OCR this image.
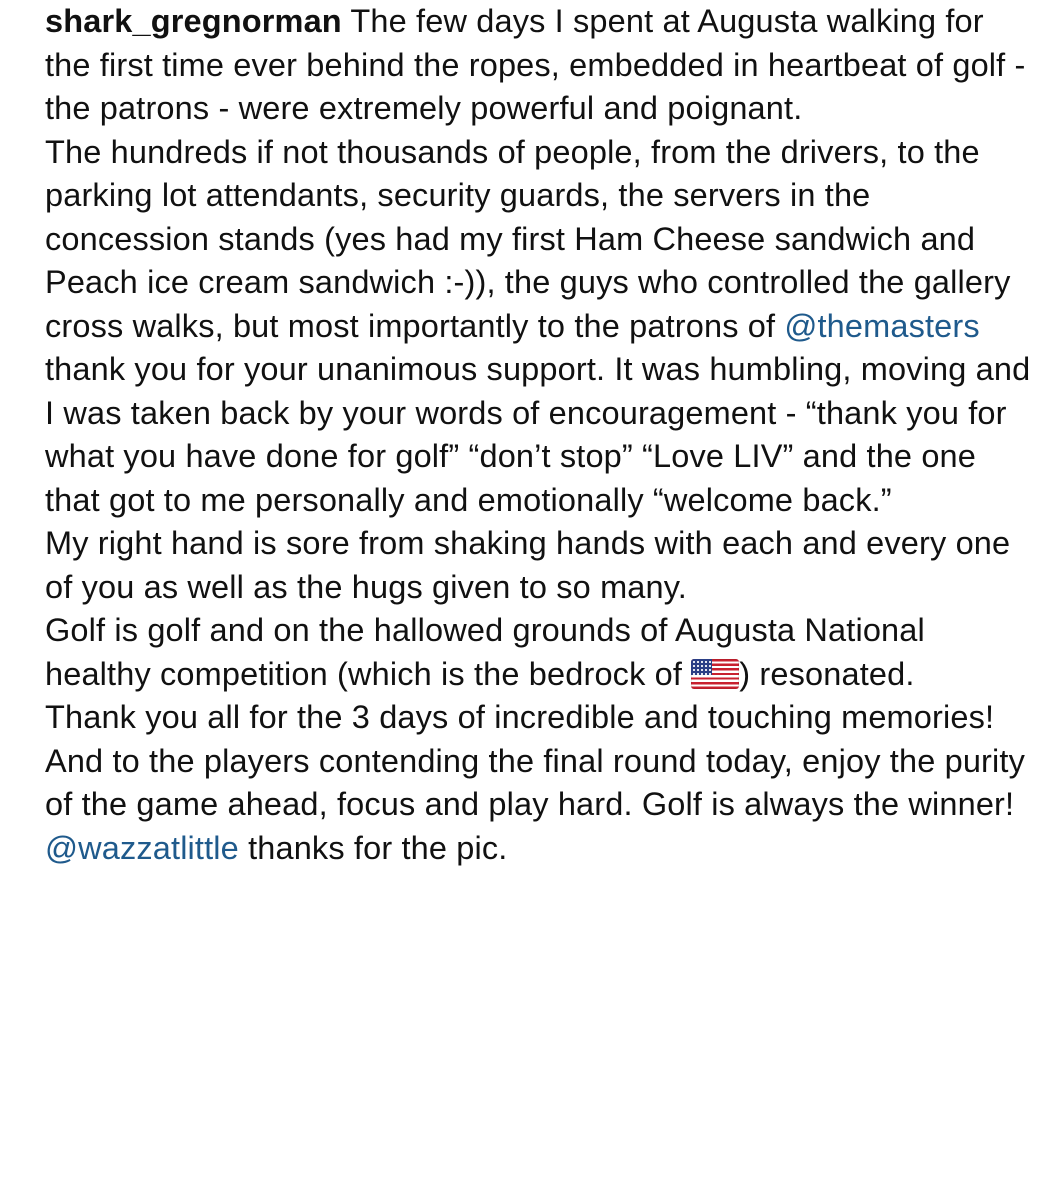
shark_gregnorman The few days I spent at Augusta walking for the first time ever behind the ropes, embedded in heartbeat of golf - the patrons - were extremely powerful and poignant.

The hundreds if not thousands of people, from the drivers, to the parking lot attendants, security guards, the servers in the concession stands (yes had my first Ham Cheese sandwich and Peach ice cream sandwich :-)), the guys who controlled the gallery cross walks, but most importantly to the patrons of @themasters thank you for your unanimous support. It was humbling, moving and I was taken back by your words of encouragement - “thank you for what you have done for golf” “don’t stop” “Love LIV” and the one that got to me personally and emotionally “welcome back.”

My right hand is sore from shaking hands with each and every one of you as well as the hugs given to so many.

Golf is golf and on the hallowed grounds of Augusta National healthy competition (which is the bedrock of ) resonated.

Thank you all for the 3 days of incredible and touching memories!

And to the players contending the final round today, enjoy the purity of the game ahead, focus and play hard. Golf is always the winner! @wazzatlittle thanks for the pic.
